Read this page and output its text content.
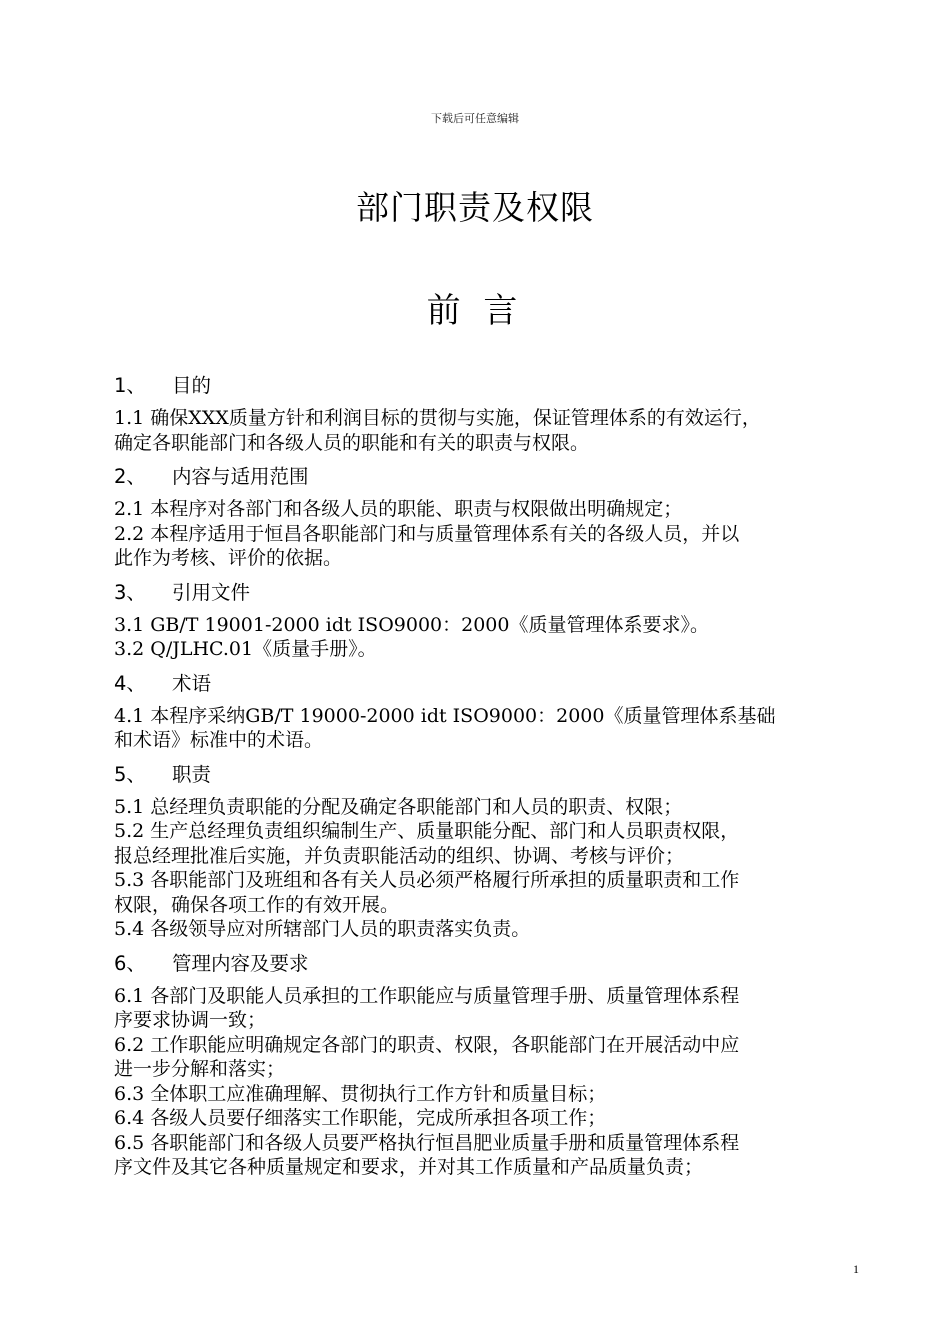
下载后可任意编辑
部门职责及权限
前 言
1、 目的

1.1 确保XXX质量方针和利润目标的贯彻与实施，保证管理体系的有效运行，

确定各职能部门和各级人员的职能和有关的职责与权限。

2、 内容与适用范围

2.1 本程序对各部门和各级人员的职能、职责与权限做出明确规定；

2.2 本程序适用于恒昌各职能部门和与质量管理体系有关的各级人员，并以

此作为考核、评价的依据。

3、 引用文件

3.1 GB/T 19001-2000 idt ISO9000：2000《质量管理体系要求》。

3.2 Q/JLHC.01《质量手册》。

4、 术语

4.1 本程序采纳GB/T 19000-2000 idt ISO9000：2000《质量管理体系基础

和术语》标准中的术语。

5、 职责

5.1 总经理负责职能的分配及确定各职能部门和人员的职责、权限；

5.2 生产总经理负责组织编制生产、质量职能分配、部门和人员职责权限，

报总经理批准后实施，并负责职能活动的组织、协调、考核与评价；

5.3 各职能部门及班组和各有关人员必须严格履行所承担的质量职责和工作

权限，确保各项工作的有效开展。

5.4 各级领导应对所辖部门人员的职责落实负责。

6、 管理内容及要求

6.1 各部门及职能人员承担的工作职能应与质量管理手册、质量管理体系程

序要求协调一致；

6.2 工作职能应明确规定各部门的职责、权限，各职能部门在开展活动中应

进一步分解和落实；

6.3 全体职工应准确理解、贯彻执行工作方针和质量目标；

6.4 各级人员要仔细落实工作职能，完成所承担各项工作；

6.5 各职能部门和各级人员要严格执行恒昌肥业质量手册和质量管理体系程

序文件及其它各种质量规定和要求，并对其工作质量和产品质量负责；

1
